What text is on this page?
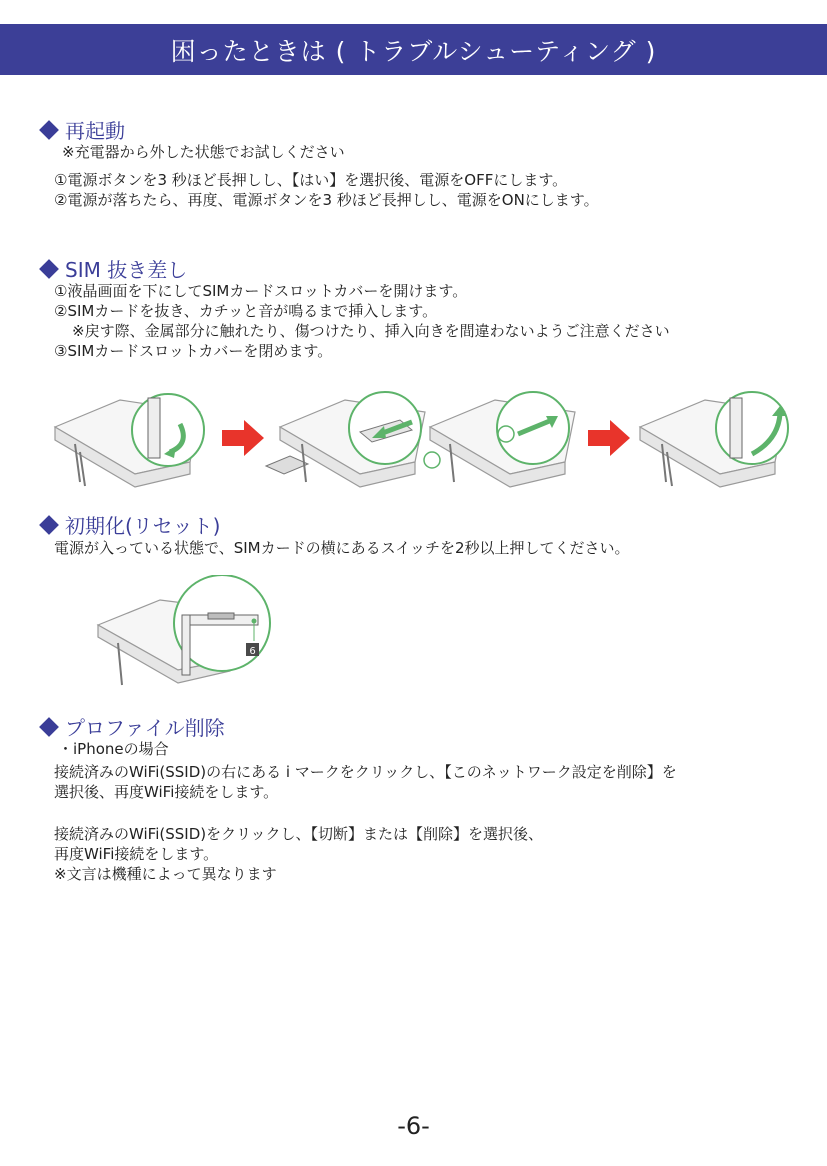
困ったときは ( トラブルシューティング )
再起動
※充電器から外した状態でお試しください
①電源ボタンを3 秒ほど長押しし、【はい】を選択後、電源をOFFにします。
②電源が落ちたら、再度、電源ボタンを3 秒ほど長押しし、電源をONにします。
SIM 抜き差し
①液晶画面を下にしてSIMカードスロットカバーを開けます。
②SIMカードを抜き、カチッと音が鳴るまで挿入します。
※戻す際、金属部分に触れたり、傷つけたり、挿入向きを間違わないようご注意ください
③SIMカードスロットカバーを閉めます。
初期化(リセット)
電源が入っている状態で、SIMカードの横にあるスイッチを2秒以上押してください。
6
プロファイル削除
・iPhoneの場合
接続済みのWiFi(SSID)の右にある i マークをクリックし、【このネットワーク設定を削除】を
選択後、再度WiFi接続をします。
接続済みのWiFi(SSID)をクリックし、【切断】または【削除】を選択後、
再度WiFi接続をします。
※文言は機種によって異なります
-6-
